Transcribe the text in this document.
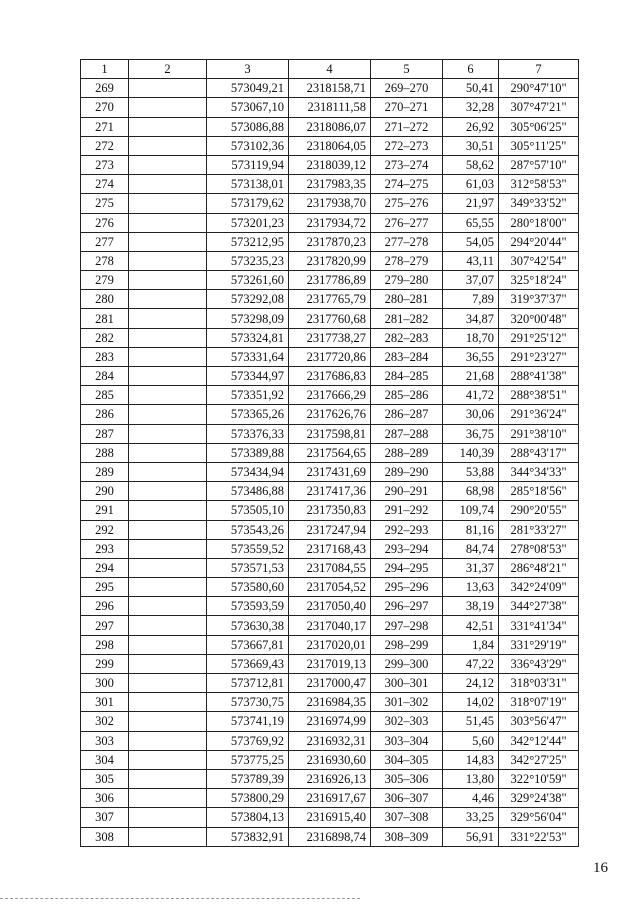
1	2	3	4	5	6	7
269		573049,21	2318158,71	269–270	50,41	290°47'10"
270		573067,10	2318111,58	270–271	32,28	307°47'21"
271		573086,88	2318086,07	271–272	26,92	305°06'25"
272		573102,36	2318064,05	272–273	30,51	305°11'25"
273		573119,94	2318039,12	273–274	58,62	287°57'10"
274		573138,01	2317983,35	274–275	61,03	312°58'53"
275		573179,62	2317938,70	275–276	21,97	349°33'52"
276		573201,23	2317934,72	276–277	65,55	280°18'00"
277		573212,95	2317870,23	277–278	54,05	294°20'44"
278		573235,23	2317820,99	278–279	43,11	307°42'54"
279		573261,60	2317786,89	279–280	37,07	325°18'24"
280		573292,08	2317765,79	280–281	7,89	319°37'37"
281		573298,09	2317760,68	281–282	34,87	320°00'48"
282		573324,81	2317738,27	282–283	18,70	291°25'12"
283		573331,64	2317720,86	283–284	36,55	291°23'27"
284		573344,97	2317686,83	284–285	21,68	288°41'38"
285		573351,92	2317666,29	285–286	41,72	288°38'51"
286		573365,26	2317626,76	286–287	30,06	291°36'24"
287		573376,33	2317598,81	287–288	36,75	291°38'10"
288		573389,88	2317564,65	288–289	140,39	288°43'17"
289		573434,94	2317431,69	289–290	53,88	344°34'33"
290		573486,88	2317417,36	290–291	68,98	285°18'56"
291		573505,10	2317350,83	291–292	109,74	290°20'55"
292		573543,26	2317247,94	292–293	81,16	281°33'27"
293		573559,52	2317168,43	293–294	84,74	278°08'53"
294		573571,53	2317084,55	294–295	31,37	286°48'21"
295		573580,60	2317054,52	295–296	13,63	342°24'09"
296		573593,59	2317050,40	296–297	38,19	344°27'38"
297		573630,38	2317040,17	297–298	42,51	331°41'34"
298		573667,81	2317020,01	298–299	1,84	331°29'19"
299		573669,43	2317019,13	299–300	47,22	336°43'29"
300		573712,81	2317000,47	300–301	24,12	318°03'31"
301		573730,75	2316984,35	301–302	14,02	318°07'19"
302		573741,19	2316974,99	302–303	51,45	303°56'47"
303		573769,92	2316932,31	303–304	5,60	342°12'44"
304		573775,25	2316930,60	304–305	14,83	342°27'25"
305		573789,39	2316926,13	305–306	13,80	322°10'59"
306		573800,29	2316917,67	306–307	4,46	329°24'38"
307		573804,13	2316915,40	307–308	33,25	329°56'04"
308		573832,91	2316898,74	308–309	56,91	331°22'53"
16
